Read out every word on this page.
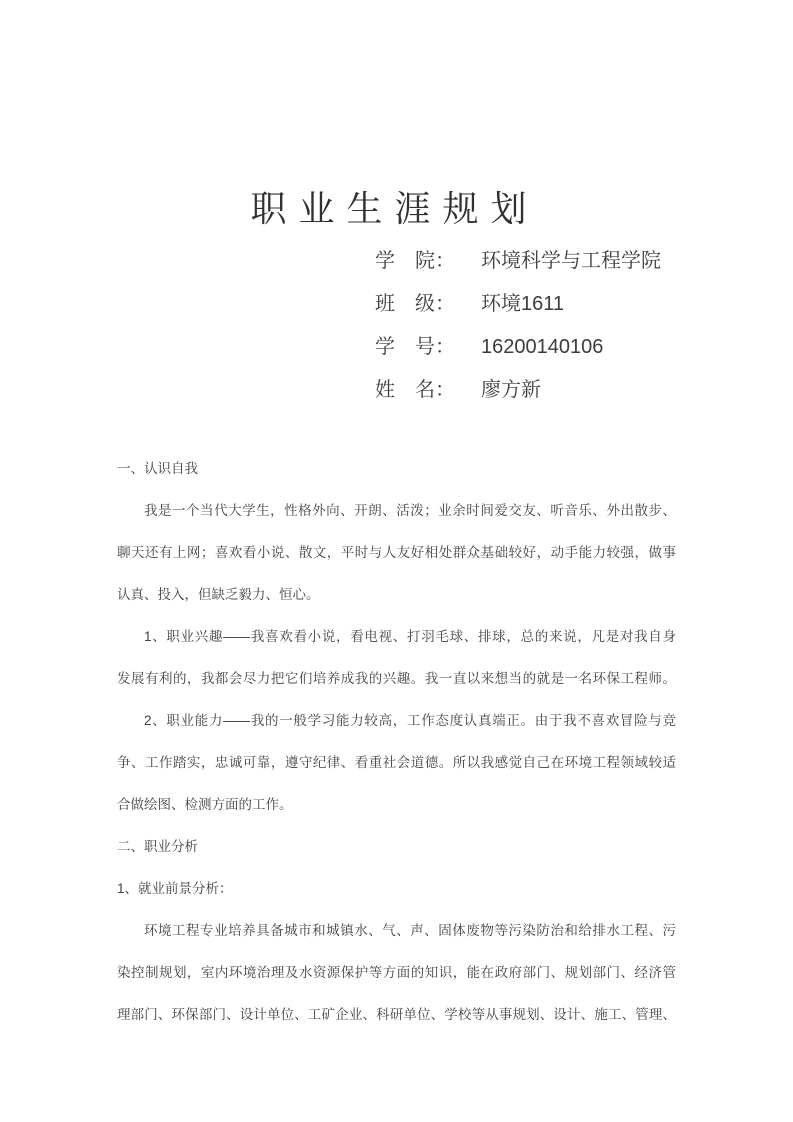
职 业 生 涯 规 划
学　院： 环境科学与工程学院
班　级： 环境1611
学　号： 16200140106
姓　名： 廖方新
一、认识自我
我是一个当代大学生，性格外向、开朗、活泼；业余时间爱交友、听音乐、外出散步、
聊天还有上网；喜欢看小说、散文，平时与人友好相处群众基础较好，动手能力较强，做事
认真、投入，但缺乏毅力、恒心。
1、职业兴趣——我喜欢看小说，看电视、打羽毛球、排球，总的来说，凡是对我自身
发展有利的，我都会尽力把它们培养成我的兴趣。我一直以来想当的就是一名环保工程师。
2、职业能力——我的一般学习能力较高，工作态度认真端正。由于我不喜欢冒险与竞
争、工作踏实，忠诚可靠，遵守纪律、看重社会道德。所以我感觉自己在环境工程领域较适
合做绘图、检测方面的工作。
二、职业分析
1、就业前景分析：
环境工程专业培养具备城市和城镇水、气、声、固体废物等污染防治和给排水工程、污
染控制规划，室内环境治理及水资源保护等方面的知识，能在政府部门、规划部门、经济管
理部门、环保部门、设计单位、工矿企业、科研单位、学校等从事规划、设计、施工、管理、
